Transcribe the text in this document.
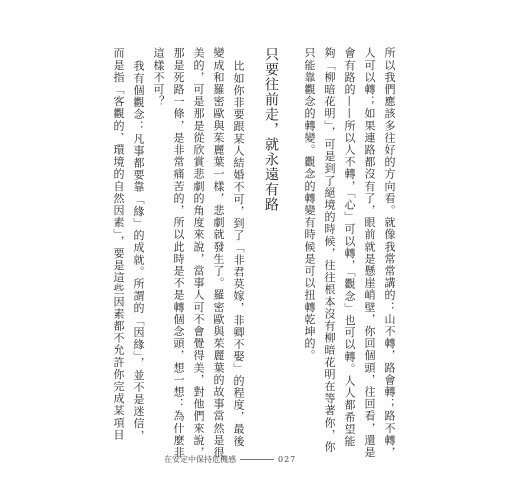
所以我們應該多往好的方向看。就像我常常講的：山不轉，路會轉；路不轉，
人可以轉；如果連路都沒有了，眼前就是懸崖峭壁，你回個頭，往回看，還是
會有路的——所以人不轉，「心」可以轉，「觀念」也可以轉。人人都希望能
夠「柳暗花明」，可是到了絕境的時候，往往根本沒有柳暗花明在等著你，你
只能靠觀念的轉變。觀念的轉變有時候是可以扭轉乾坤的。
只要往前走，就永遠有路
比如你非要跟某人結婚不可，到了「非君莫嫁，非卿不娶」的程度，最後
變成和羅密歐與茱麗葉一樣，悲劇就發生了。羅密歐與茱麗葉的故事當然是很
美的，可是那是從欣賞悲劇的角度來說，當事人可不會覺得美，對他們來說，
那是死路一條，是非常痛苦的，所以此時是不是轉個念頭，想一想：為什麼非
這樣不可？
我有個觀念：凡事都要靠「緣」的成就。所謂的「因緣」，並不是迷信，
而是指「客觀的、環境的自然因素」，要是這些因素都不允許你完成某項目
在安定中保持危機感	027
